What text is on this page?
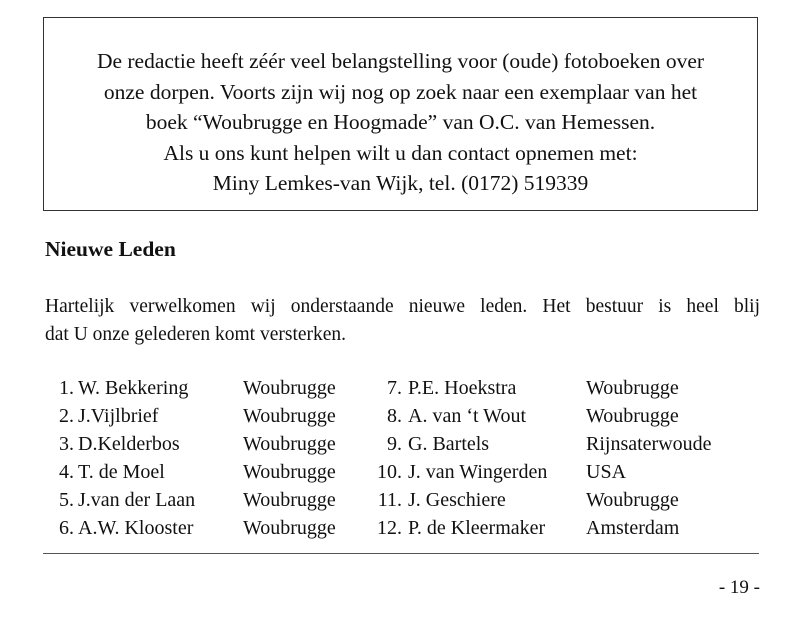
De redactie heeft zéér veel belangstelling voor (oude) fotoboeken over
onze dorpen. Voorts zijn wij nog op zoek naar een exemplaar van het
boek “Woubrugge en Hoogmade” van O.C. van Hemessen.
Als u ons kunt helpen wilt u dan contact opnemen met:
Miny Lemkes-van Wijk, tel. (0172) 519339
Nieuwe Leden

Hartelijk verwelkomen wij onderstaande nieuwe leden. Het bestuur is heel blij
dat U onze gelederen komt versterken.

1. W. Bekkering	Woubrugge	7. P.E. Hoekstra	Woubrugge
2. J.Vijlbrief	Woubrugge	8. A. van ‘t Wout	Woubrugge
3. D.Kelderbos	Woubrugge	9. G. Bartels	Rijnsaterwoude
4. T. de Moel	Woubrugge	10. J. van Wingerden USA
5. J.van der Laan Woubrugge	11. J. Geschiere	Woubrugge
6. A.W. Klooster Woubrugge	12. P. de Kleermaker Amsterdam
- 19 -
